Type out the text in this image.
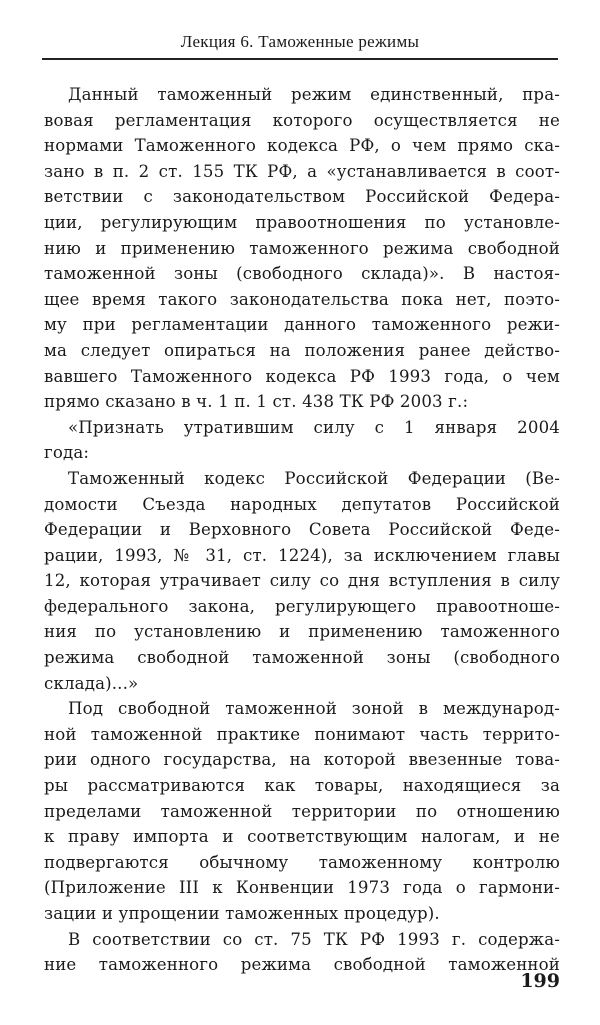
Лекция 6. Таможенные режимы
Данный таможенный режим единственный, пра-
вовая регламентация которого осуществляется не
нормами Таможенного кодекса РФ, о чем прямо ска-
зано в п. 2 ст. 155 ТК РФ, а «устанавливается в соот-
ветствии с законодательством Российской Федера-
ции, регулирующим правоотношения по установле-
нию и применению таможенного режима свободной
таможенной зоны (свободного склада)». В настоя-
щее время такого законодательства пока нет, поэто-
му при регламентации данного таможенного режи-
ма следует опираться на положения ранее действо-
вавшего Таможенного кодекса РФ 1993 года, о чем
прямо сказано в ч. 1 п. 1 ст. 438 ТК РФ 2003 г.:
«Признать утратившим силу с 1 января 2004
года:
Таможенный кодекс Российской Федерации (Ве-
домости Съезда народных депутатов Российской
Федерации и Верховного Совета Российской Феде-
рации, 1993, № 31, ст. 1224), за исключением главы
12, которая утрачивает силу со дня вступления в силу
федерального закона, регулирующего правоотноше-
ния по установлению и применению таможенного
режима свободной таможенной зоны (свободного
склада)...»
Под свободной таможенной зоной в международ-
ной таможенной практике понимают часть террито-
рии одного государства, на которой ввезенные това-
ры рассматриваются как товары, находящиеся за
пределами таможенной территории по отношению
к праву импорта и соответствующим налогам, и не
подвергаются обычному таможенному контролю
(Приложение III к Конвенции 1973 года о гармони-
зации и упрощении таможенных процедур).
В соответствии со ст. 75 ТК РФ 1993 г. содержа-
ние таможенного режима свободной таможенной
199
